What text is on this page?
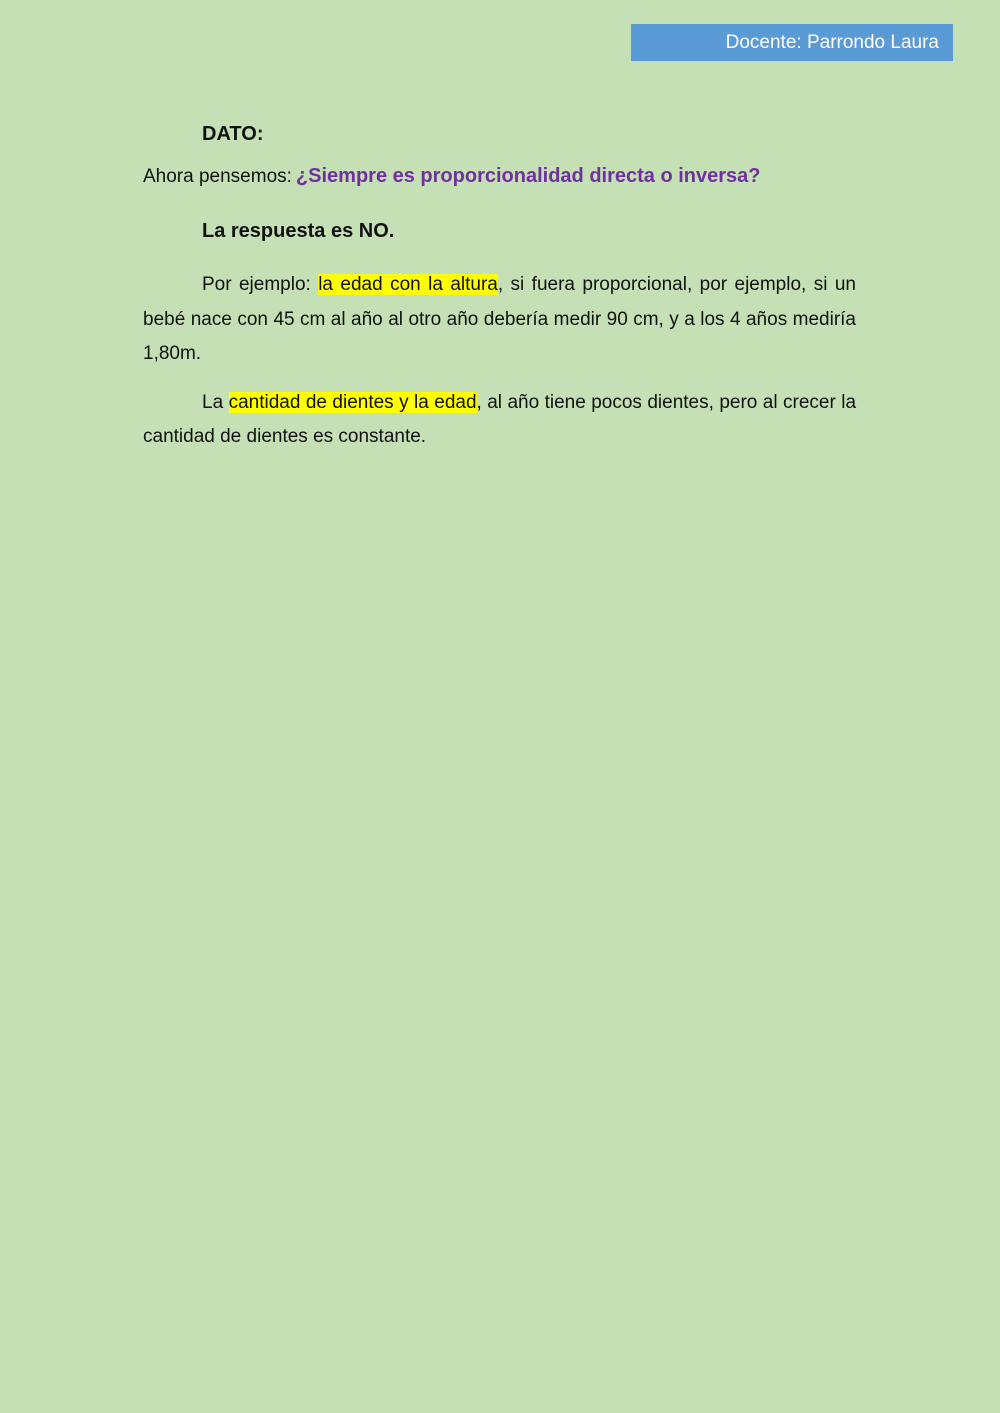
Docente: Parrondo Laura

DATO:

Ahora pensemos: ¿Siempre es proporcionalidad directa o inversa?

La respuesta es NO.

Por ejemplo: la edad con la altura, si fuera proporcional, por ejemplo, si un bebé nace con 45 cm al año al otro año debería medir 90 cm, y a los 4 años mediría 1,80m.

La cantidad de dientes y la edad, al año tiene pocos dientes, pero al crecer la cantidad de dientes es constante.
